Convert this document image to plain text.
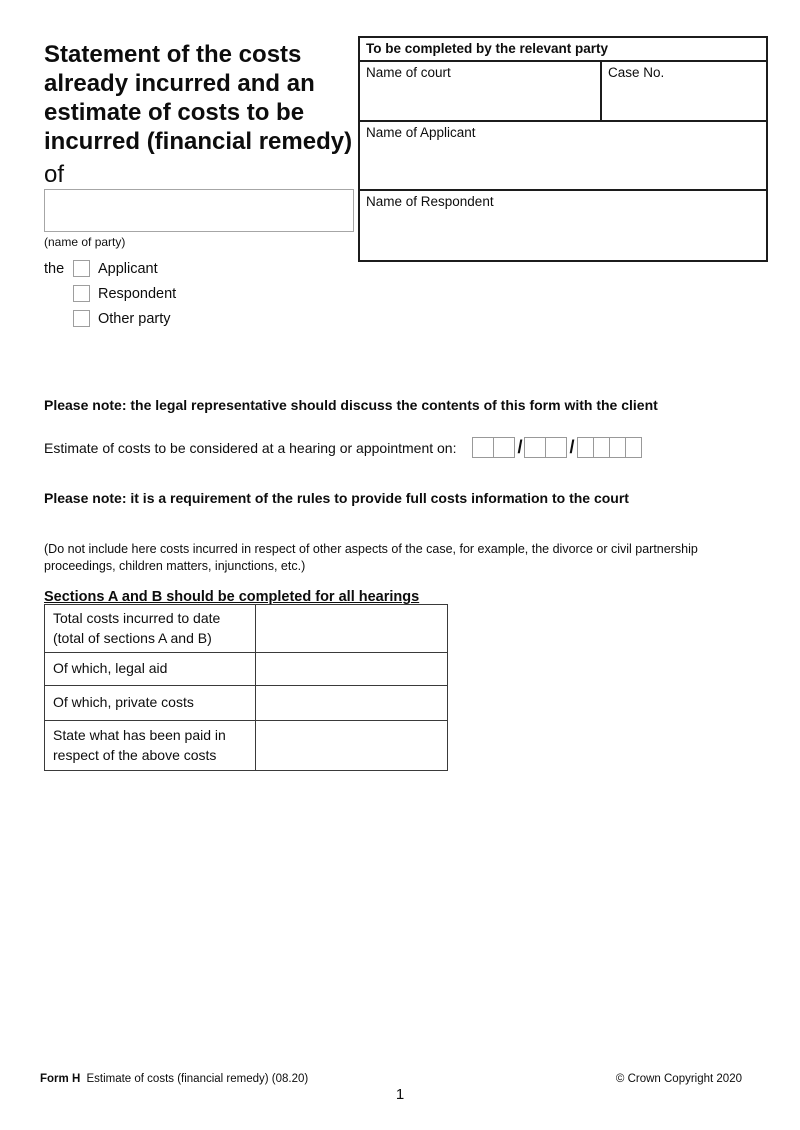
Statement of the costs
already incurred and an
estimate of costs to be
incurred (financial remedy)
of
(name of party)
the	Applicant
Respondent
Other party
To be completed by the relevant party
Name of court	Case No.
Name of Applicant
Name of Respondent
Please note: the legal representative should discuss the contents of this form with the client
Estimate of costs to be considered at a hearing or appointment on:	/	/
Please note: it is a requirement of the rules to provide full costs information to the court
(Do not include here costs incurred in respect of other aspects of the case, for example, the divorce or civil partnership
proceedings, children matters, injunctions, etc.)
Sections A and B should be completed for all hearings
Total costs incurred to date (total of sections A and B)
Of which, legal aid
Of which, private costs
State what has been paid in respect of the above costs
Form H Estimate of costs (financial remedy) (08.20)	© Crown Copyright 2020
1
